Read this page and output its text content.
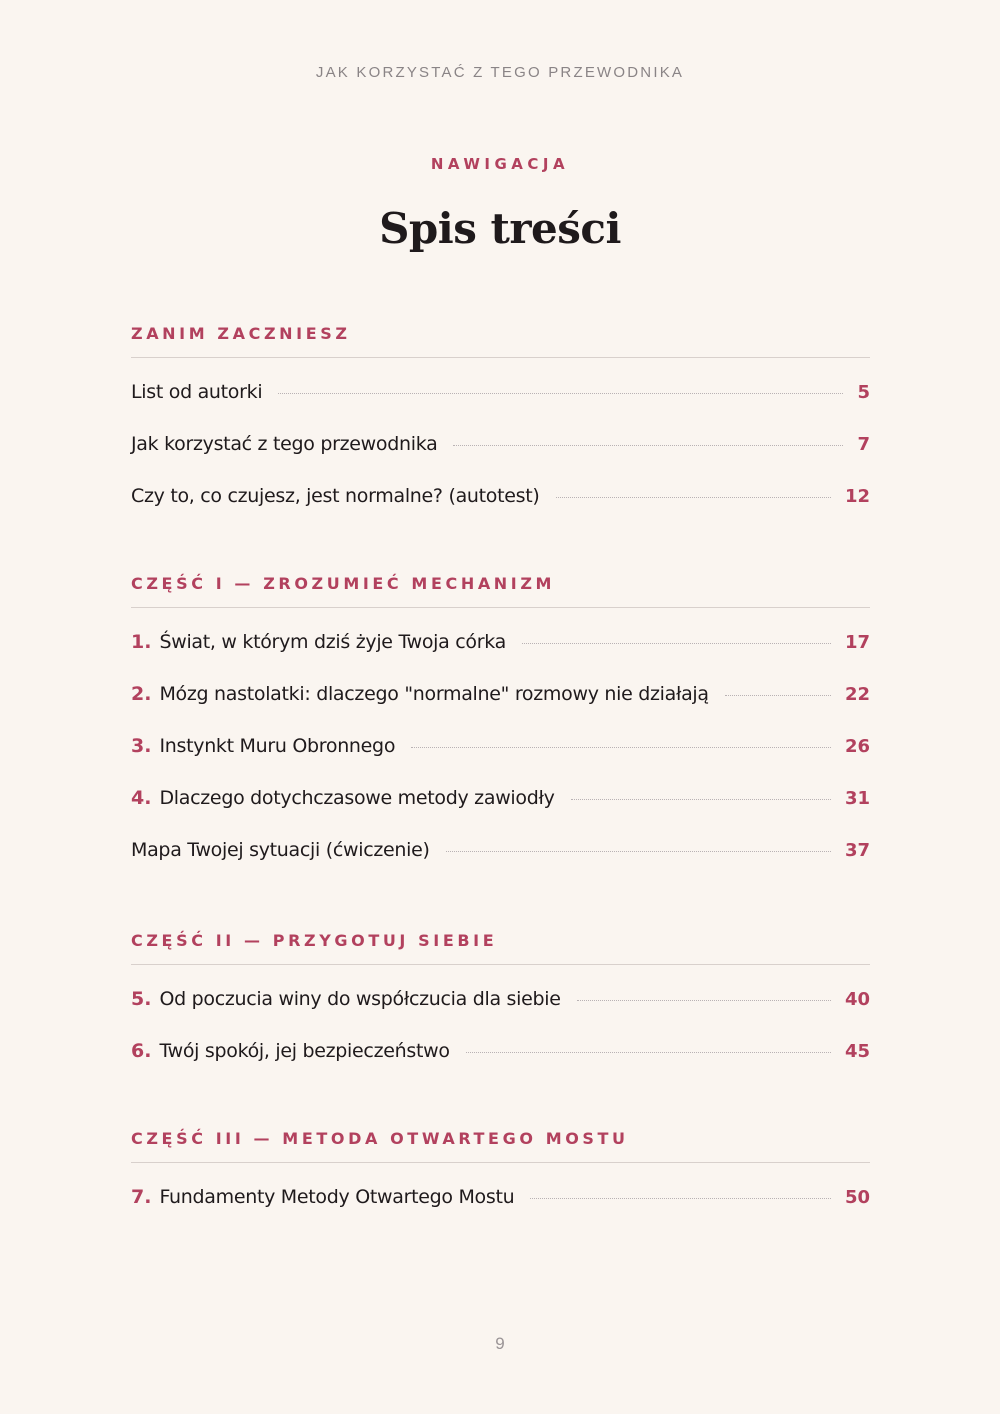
JAK KORZYSTAĆ Z TEGO PRZEWODNIKA
NAWIGACJA
Spis treści
ZANIM ZACZNIESZ
List od autorki	5
Jak korzystać z tego przewodnika	7
Czy to, co czujesz, jest normalne? (autotest)	12
CZĘŚĆ I — ZROZUMIEĆ MECHANIZM
1. Świat, w którym dziś żyje Twoja córka	17
2. Mózg nastolatki: dlaczego "normalne" rozmowy nie działają	22
3. Instynkt Muru Obronnego	26
4. Dlaczego dotychczasowe metody zawiodły	31
Mapa Twojej sytuacji (ćwiczenie)	37
CZĘŚĆ II — PRZYGOTUJ SIEBIE
5. Od poczucia winy do współczucia dla siebie	40
6. Twój spokój, jej bezpieczeństwo	45
CZĘŚĆ III — METODA OTWARTEGO MOSTU
7. Fundamenty Metody Otwartego Mostu	50
9
